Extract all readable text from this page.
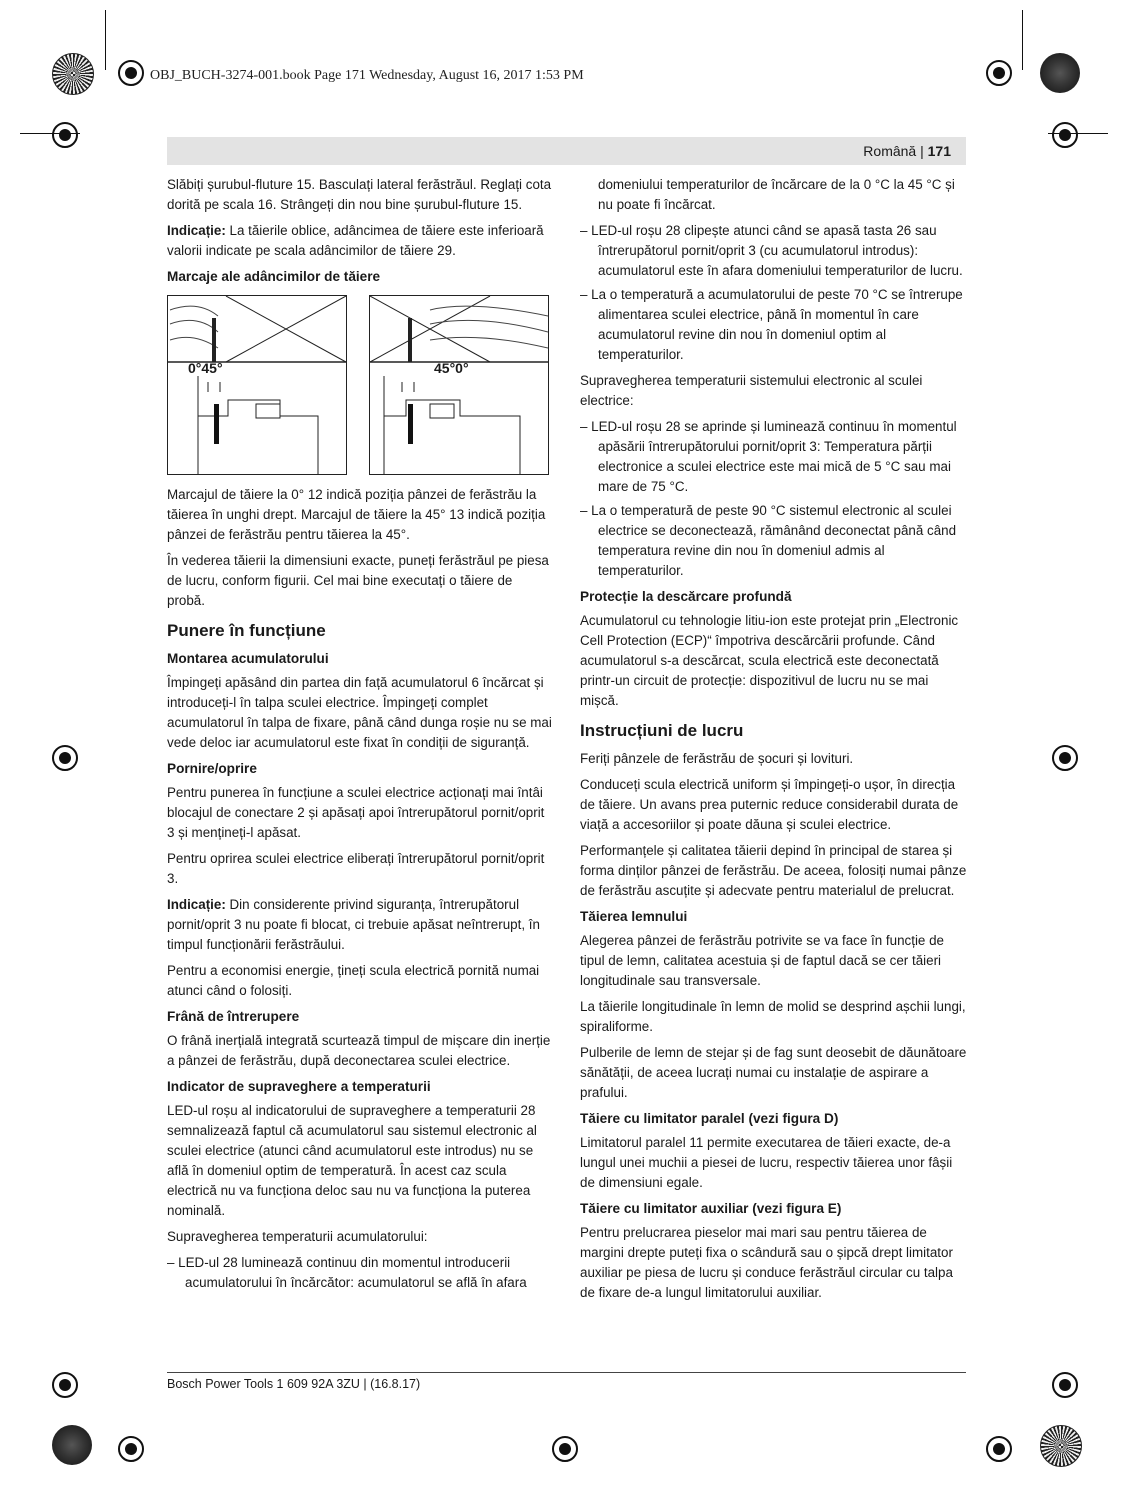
OBJ_BUCH-3274-001.book Page 171 Wednesday, August 16, 2017 1:53 PM
Română | 171

Slăbiți șurubul-fluture 15. Basculați lateral ferăstrăul. Reglați cota dorită pe scala 16. Strângeți din nou bine șurubul-fluture 15.

Indicație: La tăierile oblice, adâncimea de tăiere este inferioară valorii indicate pe scala adâncimilor de tăiere 29.

Marcaje ale adâncimilor de tăiere
0°45°	45°0°

Marcajul de tăiere la 0° 12 indică poziția pânzei de ferăstrău la tăierea în unghi drept. Marcajul de tăiere la 45° 13 indică poziția pânzei de ferăstrău pentru tăierea la 45°.

În vederea tăierii la dimensiuni exacte, puneți ferăstrăul pe piesa de lucru, conform figurii. Cel mai bine executați o tăiere de probă.

Punere în funcțiune
Montarea acumulatorului

Împingeți apăsând din partea din față acumulatorul 6 încărcat și introduceți-l în talpa sculei electrice. Împingeți complet acumulatorul în talpa de fixare, până când dunga roșie nu se mai vede deloc iar acumulatorul este fixat în condiții de siguranță.

Pornire/oprire

Pentru punerea în funcțiune a sculei electrice acționați mai întâi blocajul de conectare 2 și apăsați apoi întrerupătorul pornit/oprit 3 și mențineți-l apăsat.

Pentru oprirea sculei electrice eliberați întrerupătorul pornit/oprit 3.

Indicație: Din considerente privind siguranța, întrerupătorul pornit/oprit 3 nu poate fi blocat, ci trebuie apăsat neîntrerupt, în timpul funcționării ferăstrăului.

Pentru a economisi energie, țineți scula electrică pornită numai atunci când o folosiți.

Frână de întrerupere

O frână inerțială integrată scurtează timpul de mișcare din inerție a pânzei de ferăstrău, după deconectarea sculei electrice.

Indicator de supraveghere a temperaturii

LED-ul roșu al indicatorului de supraveghere a temperaturii 28 semnalizează faptul că acumulatorul sau sistemul electronic al sculei electrice (atunci când acumulatorul este introdus) nu se află în domeniul optim de temperatură. În acest caz scula electrică nu va funcționa deloc sau nu va funcționa la puterea nominală.

Supravegherea temperaturii acumulatorului:

– LED-ul 28 luminează continuu din momentul introducerii acumulatorului în încărcător: acumulatorul se află în afara

domeniului temperaturilor de încărcare de la 0 °C la 45 °C și nu poate fi încărcat.

– LED-ul roșu 28 clipește atunci când se apasă tasta 26 sau întrerupătorul pornit/oprit 3 (cu acumulatorul introdus): acumulatorul este în afara domeniului temperaturilor de lucru.
– La o temperatură a acumulatorului de peste 70 °C se întrerupe alimentarea sculei electrice, până în momentul în care acumulatorul revine din nou în domeniul optim al temperaturilor.

Supravegherea temperaturii sistemului electronic al sculei electrice:

– LED-ul roșu 28 se aprinde și luminează continuu în momentul apăsării întrerupătorului pornit/oprit 3: Temperatura părții electronice a sculei electrice este mai mică de 5 °C sau mai mare de 75 °C.
– La o temperatură de peste 90 °C sistemul electronic al sculei electrice se deconectează, rămânând deconectat până când temperatura revine din nou în domeniul admis al temperaturilor.
Protecție la descărcare profundă

Acumulatorul cu tehnologie litiu-ion este protejat prin „Electronic Cell Protection (ECP)“ împotriva descărcării profunde. Când acumulatorul s-a descărcat, scula electrică este deconectată printr-un circuit de protecție: dispozitivul de lucru nu se mai mișcă.

Instrucțiuni de lucru

Feriți pânzele de ferăstrău de șocuri și lovituri.

Conduceți scula electrică uniform și împingeți-o ușor, în direcția de tăiere. Un avans prea puternic reduce considerabil durata de viață a accesoriilor și poate dăuna și sculei electrice.

Performanțele și calitatea tăierii depind în principal de starea și forma dinților pânzei de ferăstrău. De aceea, folosiți numai pânze de ferăstrău ascuțite și adecvate pentru materialul de prelucrat.

Tăierea lemnului

Alegerea pânzei de ferăstrău potrivite se va face în funcție de tipul de lemn, calitatea acestuia și de faptul dacă se cer tăieri longitudinale sau transversale.

La tăierile longitudinale în lemn de molid se desprind așchii lungi, spiraliforme.

Pulberile de lemn de stejar și de fag sunt deosebit de dăunătoare sănătății, de aceea lucrați numai cu instalație de aspirare a prafului.

Tăiere cu limitator paralel (vezi figura D)

Limitatorul paralel 11 permite executarea de tăieri exacte, de-a lungul unei muchii a piesei de lucru, respectiv tăierea unor fâșii de dimensiuni egale.

Tăiere cu limitator auxiliar (vezi figura E)

Pentru prelucrarea pieselor mai mari sau pentru tăierea de margini drepte puteți fixa o scândură sau o șipcă drept limitator auxiliar pe piesa de lucru și conduce ferăstrăul circular cu talpa de fixare de-a lungul limitatorului auxiliar.

Bosch Power Tools 1 609 92A 3ZU | (16.8.17)
